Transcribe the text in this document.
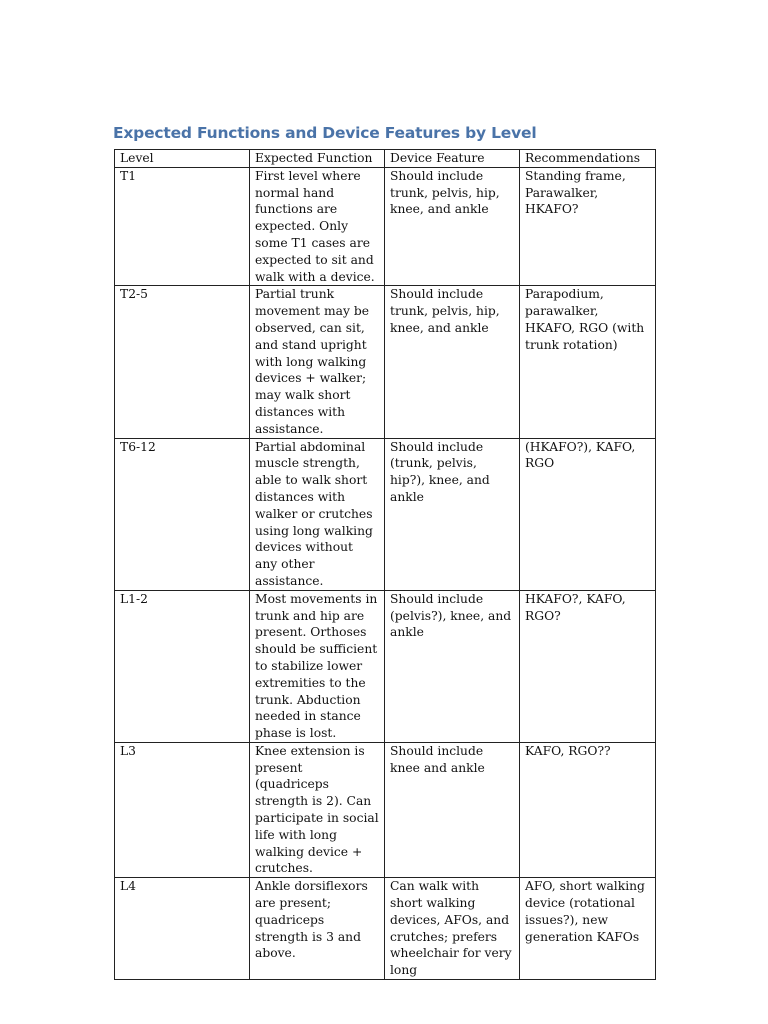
Expected Functions and Device Features by Level
Level	Expected Function	Device Feature	Recommendations
T1	First level where normal hand functions are expected. Only some T1 cases are expected to sit and walk with a device.	Should include trunk, pelvis, hip, knee, and ankle	Standing frame, Parawalker, HKAFO?
T2-5	Partial trunk movement may be observed, can sit, and stand upright with long walking devices + walker; may walk short distances with assistance.	Should include trunk, pelvis, hip, knee, and ankle	Parapodium, parawalker, HKAFO, RGO (with trunk rotation)
T6-12	Partial abdominal muscle strength, able to walk short distances with walker or crutches using long walking devices without any other assistance.	Should include (trunk, pelvis, hip?), knee, and ankle	(HKAFO?), KAFO, RGO
L1-2	Most movements in trunk and hip are present. Orthoses should be sufficient to stabilize lower extremities to the trunk. Abduction needed in stance phase is lost.	Should include (pelvis?), knee, and ankle	HKAFO?, KAFO, RGO?
L3	Knee extension is present (quadriceps strength is 2). Can participate in social life with long walking device + crutches.	Should include knee and ankle	KAFO, RGO??
L4	Ankle dorsiflexors are present; quadriceps strength is 3 and above.	Can walk with short walking devices, AFOs, and crutches; prefers wheelchair for very long	AFO, short walking device (rotational issues?), new generation KAFOs
